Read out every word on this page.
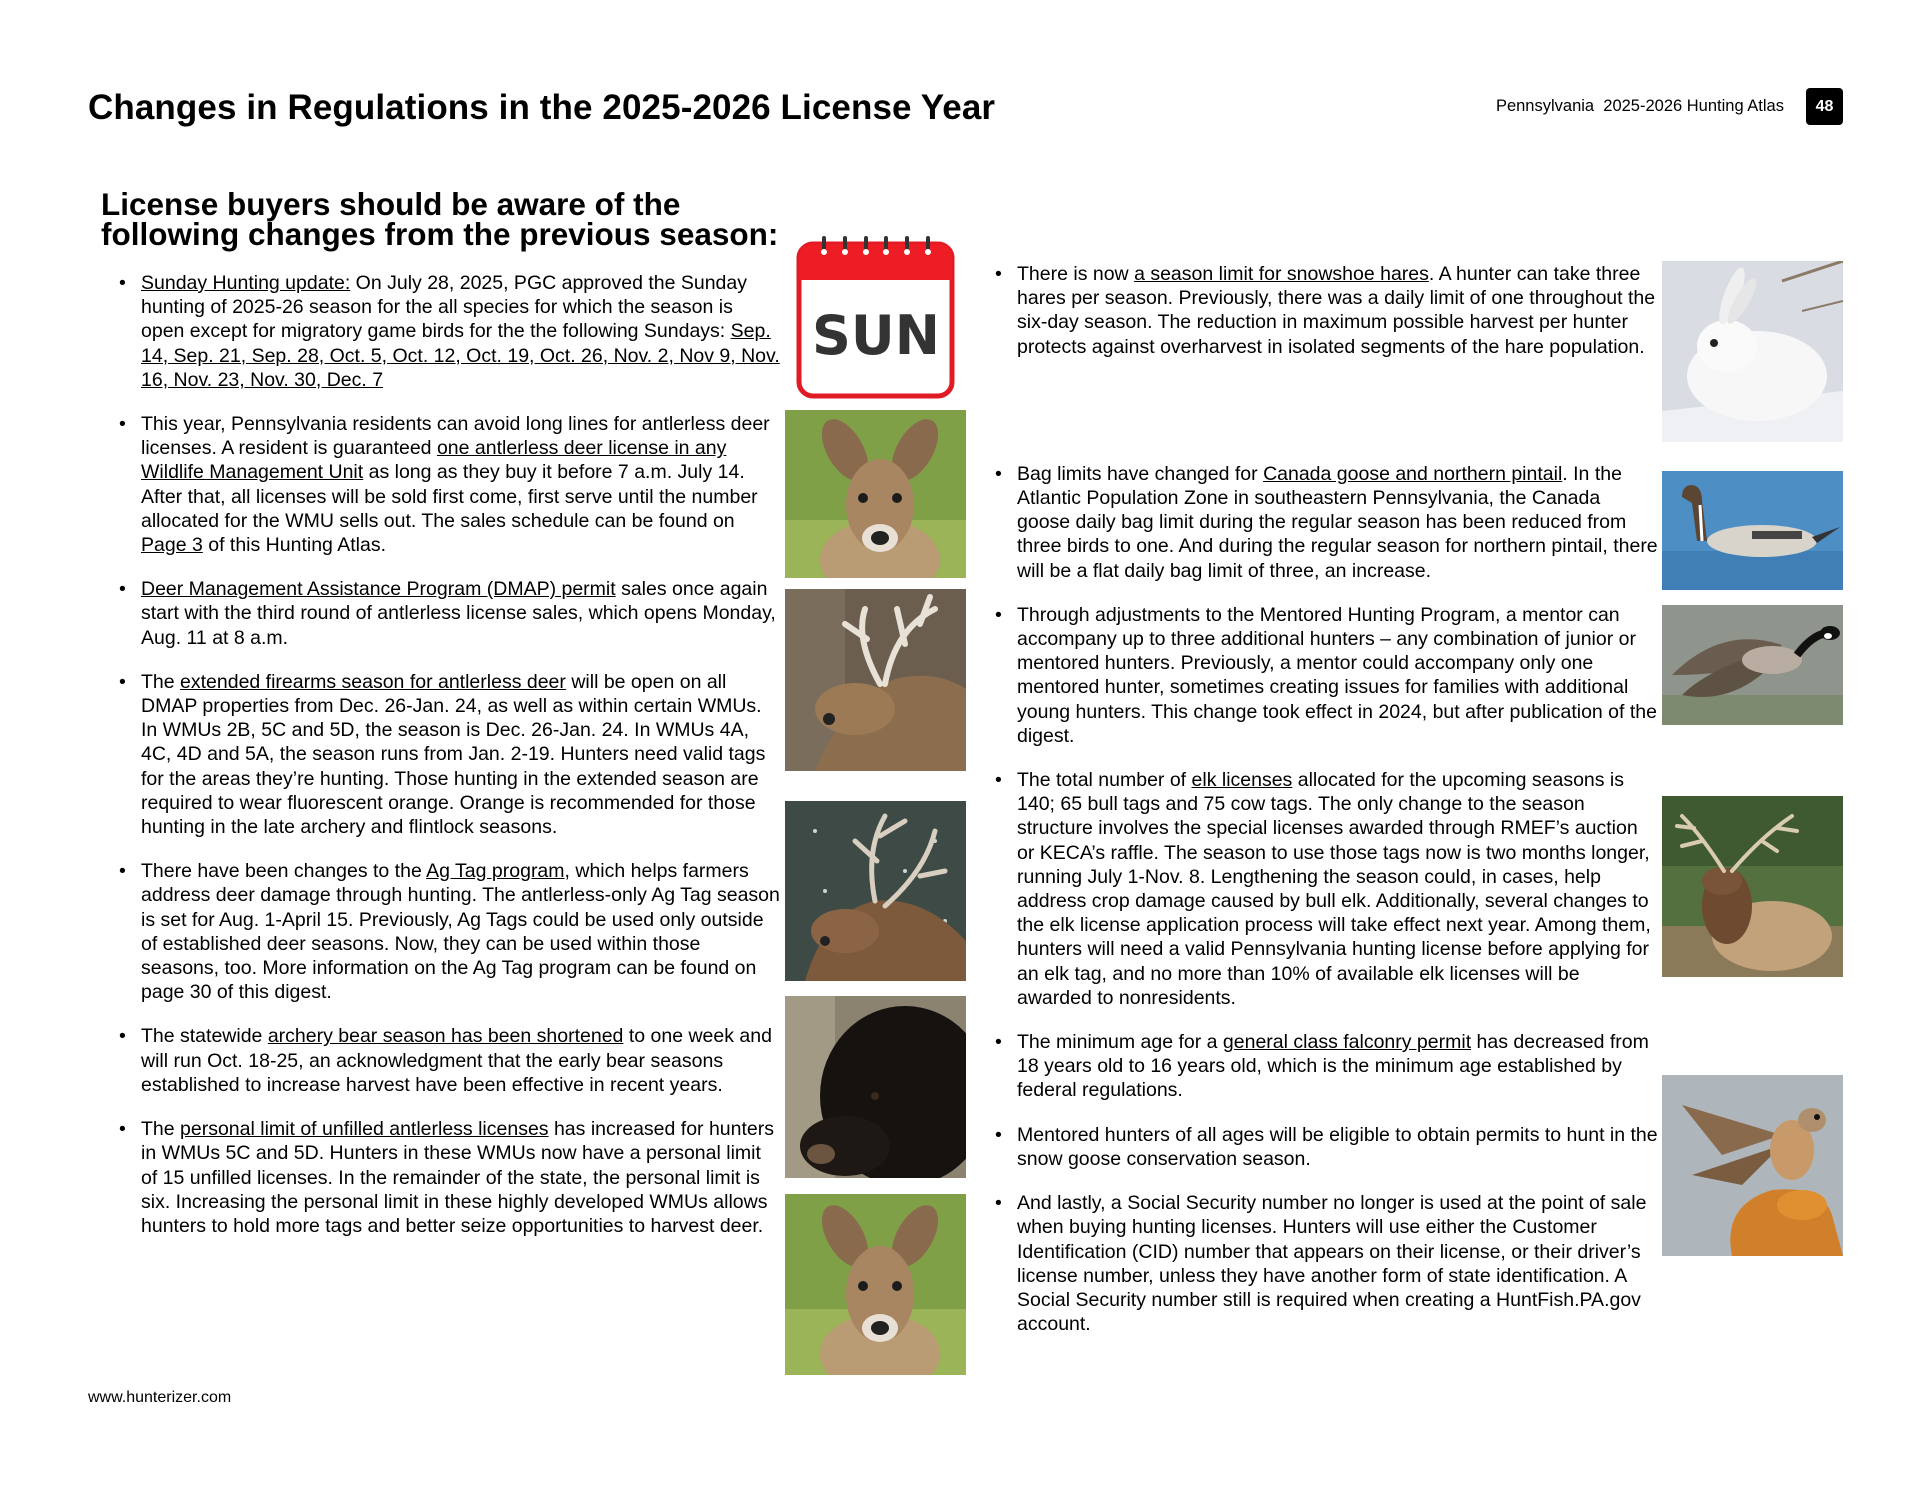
Changes in Regulations in the 2025-2026 License Year	Pennsylvania  2025-2026 Hunting Atlas	48
License buyers should be aware of the following changes from the previous season:
SUN
• Sunday Hunting update: On July 28, 2025, PGC approved the Sunday hunting of 2025-26 season for the all species for which the season is open except for migratory game birds for the the following Sundays: Sep. 14, Sep. 21, Sep. 28, Oct. 5, Oct. 12, Oct. 19, Oct. 26, Nov. 2, Nov 9, Nov. 16, Nov. 23, Nov. 30, Dec. 7
• This year, Pennsylvania residents can avoid long lines for antlerless deer licenses. A resident is guaranteed one antlerless deer license in any Wildlife Management Unit as long as they buy it before 7 a.m. July 14. After that, all licenses will be sold first come, first serve until the number allocated for the WMU sells out. The sales schedule can be found on Page 3 of this Hunting Atlas.
• Deer Management Assistance Program (DMAP) permit sales once again start with the third round of antlerless license sales, which opens Monday, Aug. 11 at 8 a.m.
• The extended firearms season for antlerless deer will be open on all DMAP properties from Dec. 26-Jan. 24, as well as within certain WMUs. In WMUs 2B, 5C and 5D, the season is Dec. 26-Jan. 24. In WMUs 4A, 4C, 4D and 5A, the season runs from Jan. 2-19. Hunters need valid tags for the areas they’re hunting. Those hunting in the extended season are required to wear fluorescent orange. Orange is recommended for those hunting in the late archery and flintlock seasons.
• There have been changes to the Ag Tag program, which helps farmers address deer damage through hunting. The antlerless-only Ag Tag season is set for Aug. 1-April 15. Previously, Ag Tags could be used only outside of established deer seasons. Now, they can be used within those seasons, too. More information on the Ag Tag program can be found on page 30 of this digest.
• The statewide archery bear season has been shortened to one week and will run Oct. 18-25, an acknowledgment that the early bear seasons established to increase harvest have been effective in recent years.
• The personal limit of unfilled antlerless licenses has increased for hunters in WMUs 5C and 5D. Hunters in these WMUs now have a personal limit of 15 unfilled licenses. In the remainder of the state, the personal limit is six. Increasing the personal limit in these highly developed WMUs allows hunters to hold more tags and better seize opportunities to harvest deer.
• There is now a season limit for snowshoe hares. A hunter can take three hares per season. Previously, there was a daily limit of one throughout the six-day season. The reduction in maximum possible harvest per hunter protects against overharvest in isolated segments of the hare population.
• Bag limits have changed for Canada goose and northern pintail. In the Atlantic Population Zone in southeastern Pennsylvania, the Canada goose daily bag limit during the regular season has been reduced from three birds to one. And during the regular season for northern pintail, there will be a flat daily bag limit of three, an increase.
• Through adjustments to the Mentored Hunting Program, a mentor can accompany up to three additional hunters – any combination of junior or mentored hunters. Previously, a mentor could accompany only one mentored hunter, sometimes creating issues for families with additional young hunters. This change took effect in 2024, but after publication of the digest.
• The total number of elk licenses allocated for the upcoming seasons is 140; 65 bull tags and 75 cow tags. The only change to the season structure involves the special licenses awarded through RMEF’s auction or KECA’s raffle. The season to use those tags now is two months longer, running July 1-Nov. 8. Lengthening the season could, in cases, help address crop damage caused by bull elk. Additionally, several changes to the elk license application process will take effect next year. Among them, hunters will need a valid Pennsylvania hunting license before applying for an elk tag, and no more than 10% of available elk licenses will be awarded to nonresidents.
• The minimum age for a general class falconry permit has decreased from 18 years old to 16 years old, which is the minimum age established by federal regulations.
• Mentored hunters of all ages will be eligible to obtain permits to hunt in the snow goose conservation season.
• And lastly, a Social Security number no longer is used at the point of sale when buying hunting licenses. Hunters will use either the Customer Identification (CID) number that appears on their license, or their driver’s license number, unless they have another form of state identification. A Social Security number still is required when creating a HuntFish.PA.gov account.
www.hunterizer.com
